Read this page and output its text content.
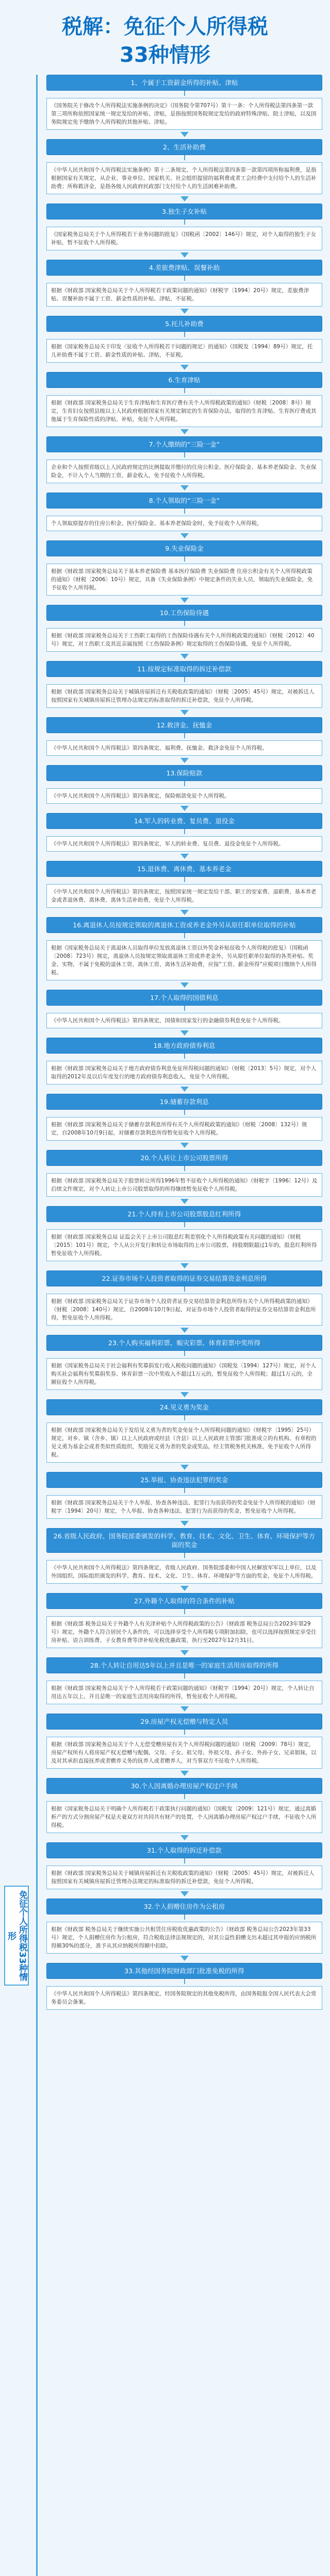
税解：免征个人所得税
33种情形
免征个人所得税33种情形
1、个属于工资薪金所得的补贴、津贴
《国务院关于修改个人所得税法实施条例的决定》（国务院令第707号）第十一条：个人所得税法第四条第一款第三项所称依照国家统一规定发给的补贴、津贴，是指按照国务院规定发给的政府特殊津贴、院士津贴，以及国务院规定免予缴纳个人所得税的其他补贴、津贴。
2、生活补助费
《中华人民共和国个人所得税法实施条例》第十二条规定，个人所得税法第四条第一款第四项所称福利费，是指根据国家有关规定，从企业、事业单位、国家机关、社会组织提留的福利费或者工会经费中支付给个人的生活补助费；所称救济金，是指各级人民政府民政部门支付给个人的生活困难补助费。
3.独生子女补贴
《国家税务总局关于个人所得税若干业务问题的批复》（国税函〔2002〕146号）规定，对个人取得的独生子女补贴，暂不征收个人所得税。
4.差旅费津贴、误餐补助
根据《财政部 国家税务总局关于个人所得税若干政策问题的通知》（财税字〔1994〕20号）规定，差旅费津贴、误餐补助不属于工资、薪金性质的补贴、津贴，不征税。
5.托儿补助费
根据《国家税务总局关于印发〈征收个人所得税若干问题的规定〉的通知》（国税发〔1994〕89号）规定，托儿补助费不属于工资、薪金性质的补贴、津贴，不征税。
6.生育津贴
根据《财政部 国家税务总局关于生育津贴和生育医疗费有关个人所得税政策的通知》（财税〔2008〕8号）规定，生育妇女按照县级以上人民政府根据国家有关规定制定的生育保险办法，取得的生育津贴、生育医疗费或其他属于生育保险性质的津贴、补贴，免征个人所得税。
7.个人缴纳的“三险一金”
企业和个人按照省级以上人民政府规定的比例提取并缴付的住房公积金、医疗保险金、基本养老保险金、失业保险金，不计入个人当期的工资、薪金收入，免予征收个人所得税。
8.个人领取的“三险一金”
个人领取原提存的住房公积金、医疗保险金、基本养老保险金时，免予征收个人所得税。
9.失业保险金
根据《财政部 国家税务总局关于基本养老保险费 基本医疗保险费 失业保险费 住房公积金有关个人所得税政策的通知》（财税〔2006〕10号）规定，具备《失业保险条例》中规定条件的失业人员，领取的失业保险金，免予征收个人所得税。
10.工伤保险待遇
根据《财政部 国家税务总局关于工伤职工取得的工伤保险待遇有关个人所得税政策的通知》（财税〔2012〕40号）规定，对工伤职工及其近亲属按照《工伤保险条例》规定取得的工伤保险待遇，免征个人所得税。
11.按规定标准取得的拆迁补偿款
根据《财政部 国家税务总局关于城镇房屋拆迁有关税收政策的通知》（财税〔2005〕45号）规定，对被拆迁人按照国家有关城镇房屋拆迁管理办法规定的标准取得的拆迁补偿款，免征个人所得税。
12.救济金、抚恤金
《中华人民共和国个人所得税法》第四条规定，福利费、抚恤金、救济金免征个人所得税。
13.保险赔款
《中华人民共和国个人所得税法》第四条规定，保险赔款免征个人所得税。
14.军人的转业费、复员费、退役金
《中华人民共和国个人所得税法》第四条规定，军人的转业费、复员费、退役金免征个人所得税。
15.退休费、离休费、基本养老金
《中华人民共和国个人所得税法》第四条规定，按照国家统一规定发给干部、职工的安家费、退职费、基本养老金或者退休费、离休费、离休生活补助费，免征个人所得税。
16.离退休人员按规定领取的离退休工资或养老金外另从原任职单位取得的补贴
根据《国家税务总局关于离退休人员取得单位发放离退休工资以外奖金补贴征收个人所得税的批复》（国税函〔2008〕723号）规定，离退休人员按规定领取离退休工资或养老金外，另从原任职单位取得的各类补贴、奖金、实物，不属于免税的退休工资、离休工资、离休生活补助费，应按“工资、薪金所得”应税项目缴纳个人所得税。
17.个人取得的国债利息
《中华人民共和国个人所得税法》第四条规定，国债和国家发行的金融债券利息免征个人所得税。
18.地方政府债券利息
根据《财政部 国家税务总局关于地方政府债券利息免征所得税问题的通知》（财税〔2013〕5号）规定，对个人取得的2012年及以后年度发行的地方政府债券利息收入，免征个人所得税。
19.储蓄存款利息
根据《财政部 国家税务总局关于储蓄存款利息所得有关个人所得税政策的通知》（财税〔2008〕132号）规定，自2008年10月9日起，对储蓄存款利息所得暂免征收个人所得税。
20.个人转让上市公司股票所得
根据《财政部 国家税务总局关于股票转让所得1996年暂不征收个人所得税的通知》（财税字〔1996〕12号）及后续文件规定，对个人转让上市公司股票取得的所得继续暂免征收个人所得税。
21.个人持有上市公司股票股息红利所得
根据《财政部 国家税务总局 证监会关于上市公司股息红利差别化个人所得税政策有关问题的通知》（财税〔2015〕101号）规定，个人从公开发行和转让市场取得的上市公司股票，持股期限超过1年的，股息红利所得暂免征收个人所得税。
22.证券市场个人投资者取得的证券交易结算资金利息所得
根据《财政部 国家税务总局关于证券市场个人投资者证券交易结算资金利息所得有关个人所得税政策的通知》（财税〔2008〕140号）规定，自2008年10月9日起，对证券市场个人投资者取得的证券交易结算资金利息所得，暂免征收个人所得税。
23.个人购买福利彩票、赈灾彩票、体育彩票中奖所得
根据《国家税务总局关于社会福利有奖募捐发行收入税收问题的通知》（国税发〔1994〕127号）规定，对个人购买社会福利有奖募捐奖券、体育彩票一次中奖收入不超过1万元的，暂免征收个人所得税；超过1万元的，全额征收个人所得税。
24.见义勇为奖金
根据《财政部 国家税务总局关于发给见义勇为者的奖金免征个人所得税问题的通知》（财税字〔1995〕25号）规定，对乡、镇（含乡、镇）以上人民政府或经县（含县）以上人民政府主管部门批准成立的有机构、有章程的见义勇为基金会或者类似性质组织，奖励见义勇为者的奖金或奖品，经主管税务机关核准，免予征收个人所得税。
25.举报、协查违法犯罪的奖金
根据《财政部 国家税务总局关于个人举报、协查各种违法、犯罪行为而获得的奖金免征个人所得税的通知》（财税字〔1994〕20号）规定，个人举报、协查各种违法、犯罪行为而获得的奖金，暂免征收个人所得税。
26.省级人民政府、国务院部委颁发的科学、教育、技术、文化、卫生、体育、环境保护等方面的奖金
《中华人民共和国个人所得税法》第四条规定，省级人民政府、国务院部委和中国人民解放军军以上单位，以及外国组织、国际组织颁发的科学、教育、技术、文化、卫生、体育、环境保护等方面的奖金，免征个人所得税。
27.外籍个人取得的符合条件的补贴
根据《财政部 税务总局关于外籍个人有关津补贴个人所得税政策的公告》（财政部 税务总局公告2023年第29号）规定，外籍个人符合居民个人条件的，可以选择享受个人所得税专项附加扣除，也可以选择按照规定享受住房补贴、语言训练费、子女教育费等津补贴免税优惠政策，执行至2027年12月31日。
28.个人转让自用达5年以上并且是唯一的家庭生活用房取得的所得
根据《财政部 国家税务总局关于个人所得税若干政策问题的通知》（财税字〔1994〕20号）规定，个人转让自用达五年以上、并且是唯一的家庭生活用房取得的所得，暂免征收个人所得税。
29.房屋产权无偿赠与特定人员
根据《财政部 国家税务总局关于个人无偿受赠房屋有关个人所得税问题的通知》（财税〔2009〕78号）规定，房屋产权所有人将房屋产权无偿赠与配偶、父母、子女、祖父母、外祖父母、孙子女、外孙子女、兄弟姐妹，以及对其承担直接抚养或者赡养义务的抚养人或者赡养人，对当事双方不征收个人所得税。
30.个人因离婚办理房屋产权过户手续
根据《国家税务总局关于明确个人所得税若干政策执行问题的通知》（国税发〔2009〕121号）规定，通过离婚析产的方式分割房屋产权是夫妻双方对共同共有财产的处置，个人因离婚办理房屋产权过户手续，不征收个人所得税。
31.个人取得的拆迁补偿款
根据《财政部 国家税务总局关于城镇房屋拆迁有关税收政策的通知》（财税〔2005〕45号）规定，对被拆迁人按照国家有关城镇房屋拆迁管理办法规定的标准取得的拆迁补偿款，免征个人所得税。
32.个人捐赠住房作为公租房
根据《财政部 税务总局关于继续实施公共租赁住房税收优惠政策的公告》（财政部 税务总局公告2023年第33号）规定，个人捐赠住房作为公租房，符合税收法律法规规定的，对其公益性捐赠支出未超过其申报的应纳税所得额30%的部分，准予从其应纳税所得额中扣除。
33.其他经国务院财政部门批准免税的所得
《中华人民共和国个人所得税法》第四条规定，经国务院规定的其他免税所得，由国务院报全国人民代表大会常务委员会备案。
